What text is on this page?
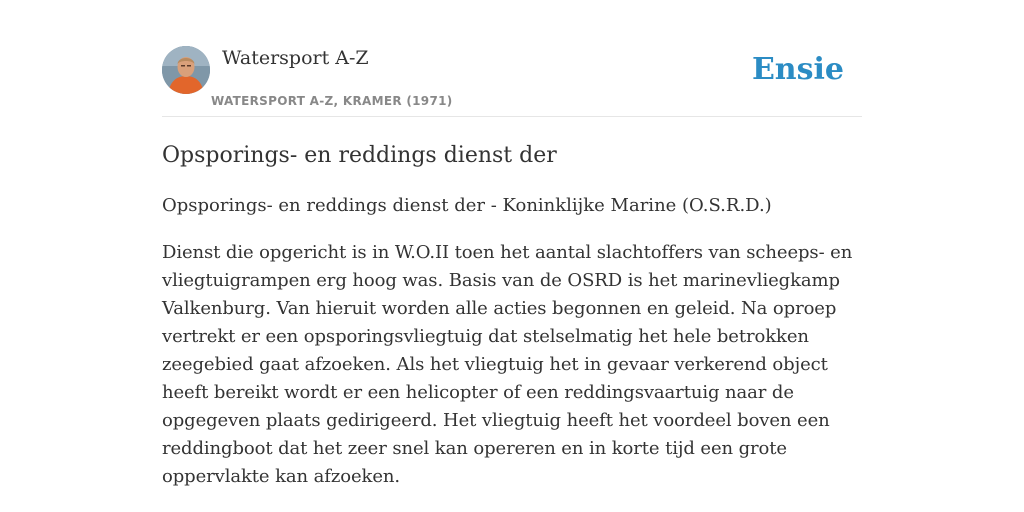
Watersport A-Z
WATERSPORT A-Z, KRAMER (1971)
Ensie
Opsporings- en reddings dienst der

Opsporings- en reddings dienst der - Koninklijke Marine (O.S.R.D.)

Dienst die opgericht is in W.O.II toen het aantal slachtoffers van scheeps- en vliegtuigrampen erg hoog was. Basis van de OSRD is het marinevliegkamp Valkenburg. Van hieruit worden alle acties begonnen en geleid. Na oproep vertrekt er een opsporingsvliegtuig dat stelselmatig het hele betrokken zeegebied gaat afzoeken. Als het vliegtuig het in gevaar verkerend object heeft bereikt wordt er een helicopter of een reddingsvaartuig naar de opgegeven plaats gedirigeerd. Het vliegtuig heeft het voordeel boven een reddingboot dat het zeer snel kan opereren en in korte tijd een grote oppervlakte kan afzoeken.
